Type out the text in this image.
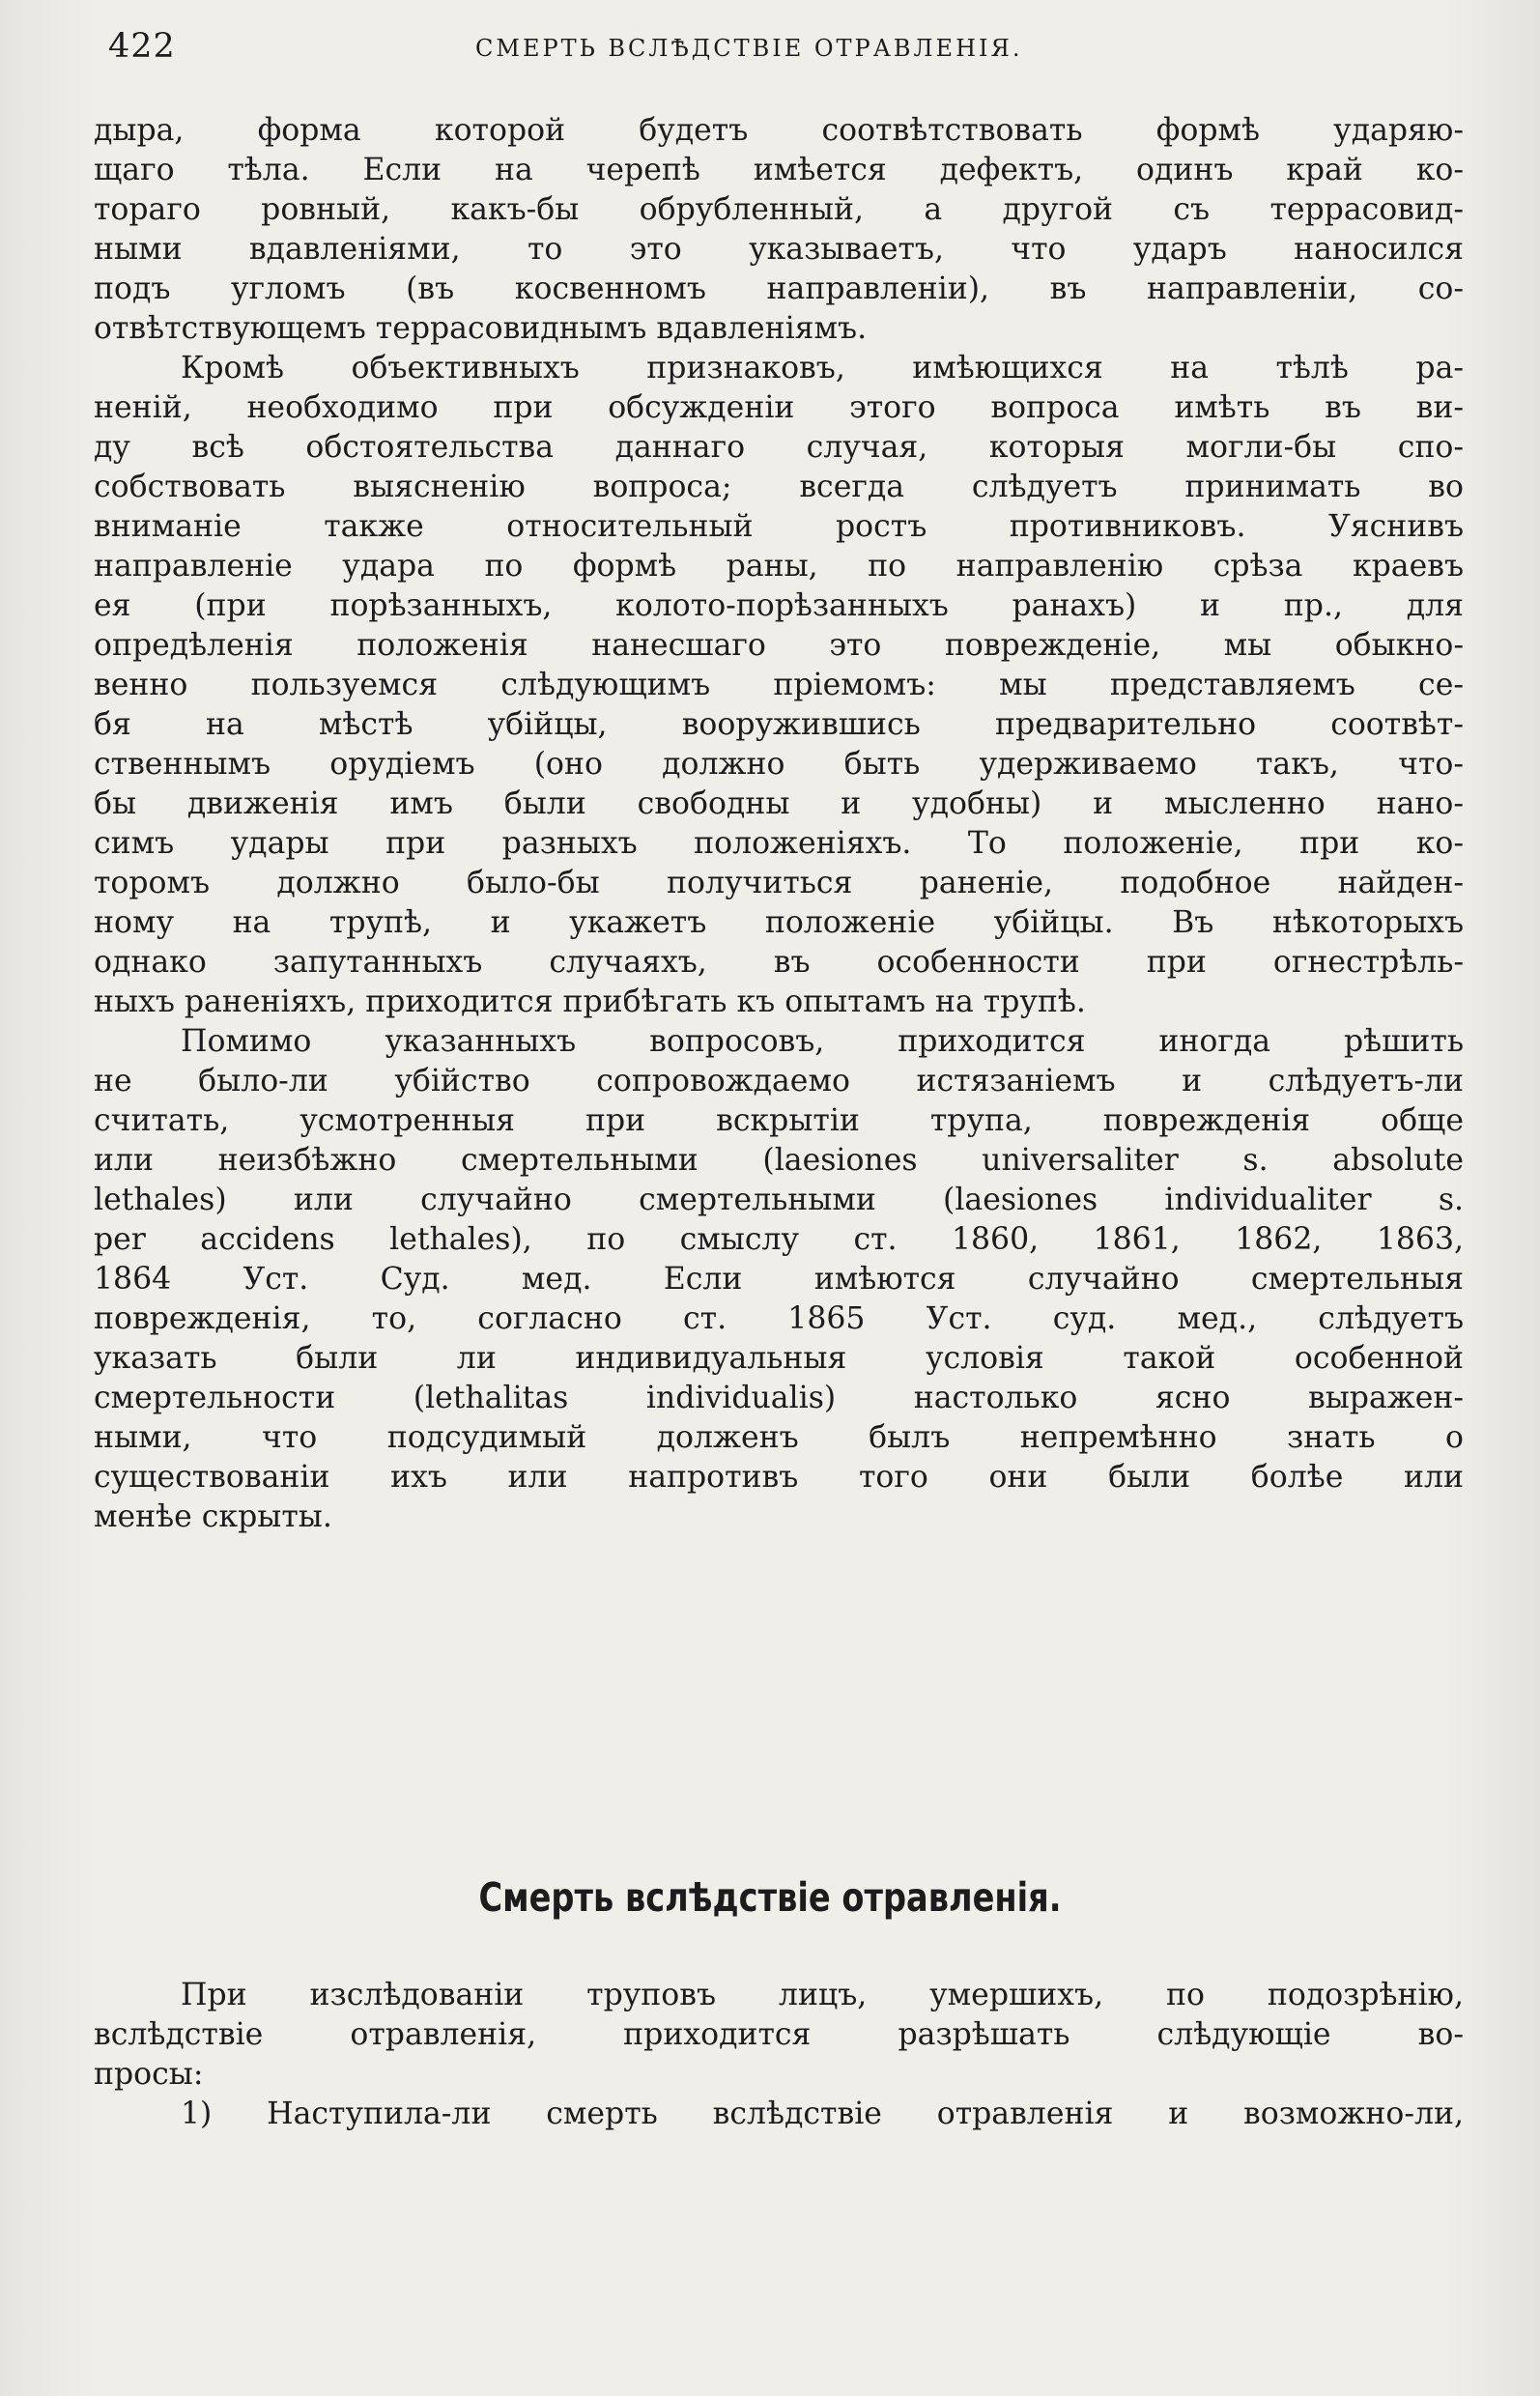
422	СМЕРТЬ ВСЛѢДСТВІЕ ОТРАВЛЕНІЯ.
дыра, форма которой будетъ соотвѣтствовать формѣ ударяю-
щаго тѣла. Если на черепѣ имѣется дефектъ, одинъ край ко-
тораго ровный, какъ-бы обрубленный, а другой съ террасовид-
ными вдавленіями, то это указываетъ, что ударъ наносился
подъ угломъ (въ косвенномъ направленіи), въ направленіи, со-
отвѣтствующемъ террасовиднымъ вдавленіямъ.
Кромѣ объективныхъ признаковъ, имѣющихся на тѣлѣ ра-
неній, необходимо при обсужденіи этого вопроса имѣть въ ви-
ду всѣ обстоятельства даннаго случая, которыя могли-бы спо-
собствовать выясненію вопроса; всегда слѣдуетъ принимать во
вниманіе также относительный ростъ противниковъ. Уяснивъ
направленіе удара по формѣ раны, по направленію срѣза краевъ
ея (при порѣзанныхъ, колото-порѣзанныхъ ранахъ) и пр., для
опредѣленія положенія нанесшаго это поврежденіе, мы обыкно-
венно пользуемся слѣдующимъ пріемомъ: мы представляемъ се-
бя на мѣстѣ убійцы, вооружившись предварительно соотвѣт-
ственнымъ орудіемъ (оно должно быть удерживаемо такъ, что-
бы движенія имъ были свободны и удобны) и мысленно нано-
симъ удары при разныхъ положеніяхъ. То положеніе, при ко-
торомъ должно было-бы получиться раненіе, подобное найден-
ному на трупѣ, и укажетъ положеніе убійцы. Въ нѣкоторыхъ
однако запутанныхъ случаяхъ, въ особенности при огнестрѣль-
ныхъ раненіяхъ, приходится прибѣгать къ опытамъ на трупѣ.
Помимо указанныхъ вопросовъ, приходится иногда рѣшить
не было-ли убійство сопровождаемо истязаніемъ и слѣдуетъ-ли
считать, усмотренныя при вскрытіи трупа, поврежденія обще
или неизбѣжно смертельными (laesiones universaliter s. absolute
lethales) или случайно смертельными (laesiones individualiter s.
per accidens lethales), по смыслу ст. 1860, 1861, 1862, 1863,
1864 Уст. Суд. мед. Если имѣются случайно смертельныя
поврежденія, то, согласно ст. 1865 Уст. суд. мед., слѣдуетъ
указать были ли индивидуальныя условія такой особенной
смертельности (lethalitas individualis) настолько ясно выражен-
ными, что подсудимый долженъ былъ непремѣнно знать о
существованіи ихъ или напротивъ того они были болѣе или
менѣе скрыты.
Смерть вслѣдствіе отравленія.
При изслѣдованіи труповъ лицъ, умершихъ, по подозрѣнію,
вслѣдствіе отравленія, приходится разрѣшать слѣдующіе во-
просы:
1) Наступила-ли смерть вслѣдствіе отравленія и возможно-ли,
